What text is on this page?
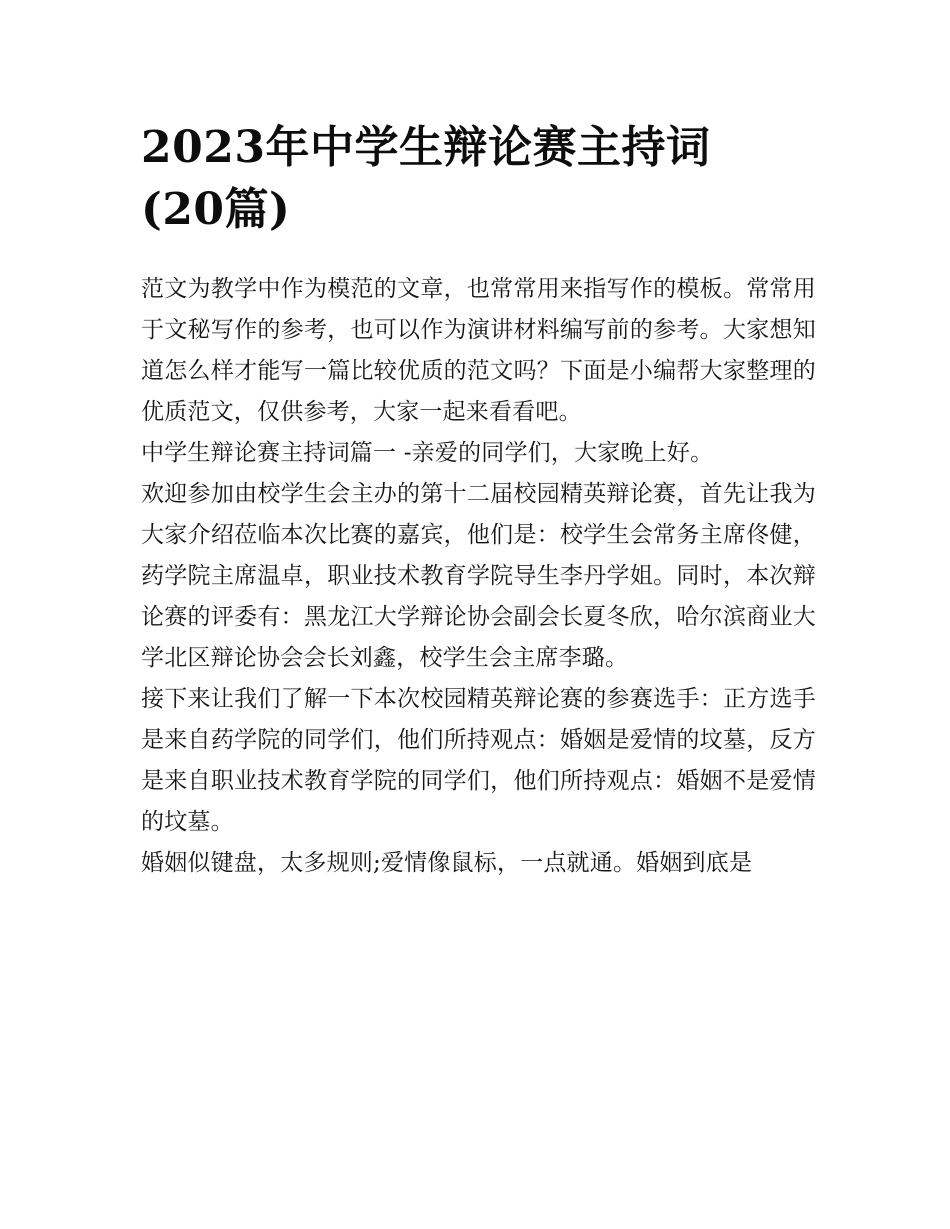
2023年中学生辩论赛主持词(20篇)

范文为教学中作为模范的文章，也常常用来指写作的模板。常常用于文秘写作的参考，也可以作为演讲材料编写前的参考。大家想知道怎么样才能写一篇比较优质的范文吗？下面是小编帮大家整理的优质范文，仅供参考，大家一起来看看吧。

中学生辩论赛主持词篇一 -亲爱的同学们，大家晚上好。

欢迎参加由校学生会主办的第十二届校园精英辩论赛，首先让我为大家介绍莅临本次比赛的嘉宾，他们是：校学生会常务主席佟健，药学院主席温卓，职业技术教育学院导生李丹学姐。同时，本次辩论赛的评委有：黑龙江大学辩论协会副会长夏冬欣，哈尔滨商业大学北区辩论协会会长刘鑫，校学生会主席李璐。

接下来让我们了解一下本次校园精英辩论赛的参赛选手：正方选手是来自药学院的同学们，他们所持观点：婚姻是爱情的坟墓，反方是来自职业技术教育学院的同学们，他们所持观点：婚姻不是爱情的坟墓。

婚姻似键盘，太多规则;爱情像鼠标，一点就通。婚姻到底是
